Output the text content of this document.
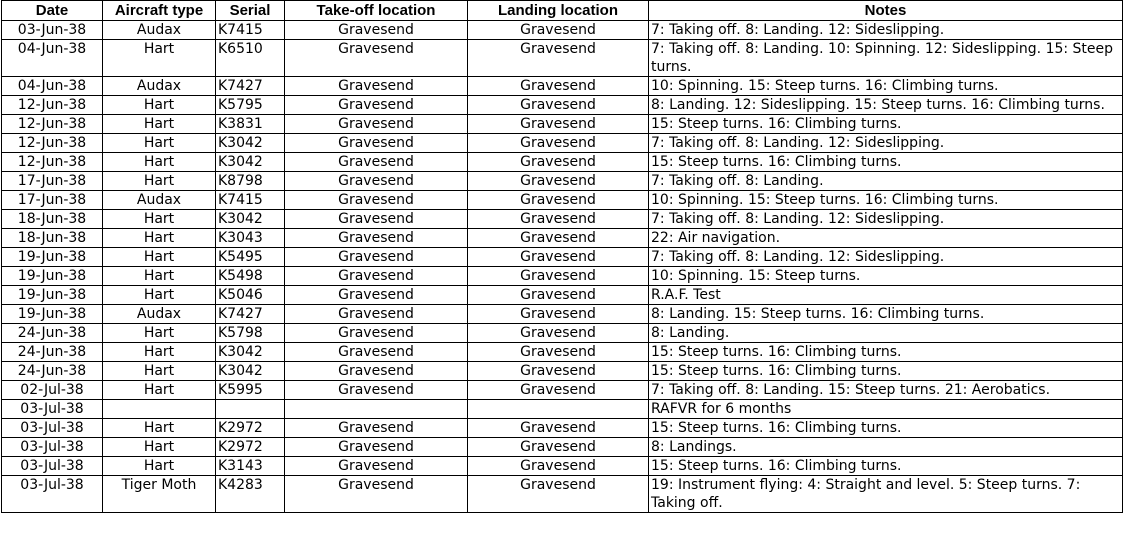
Date	Aircraft type	Serial	Take-off location	Landing location	Notes
03-Jun-38	Audax	K7415	Gravesend	Gravesend	7: Taking off. 8: Landing. 12: Sideslipping.
04-Jun-38	Hart	K6510	Gravesend	Gravesend	7: Taking off. 8: Landing. 10: Spinning. 12: Sideslipping. 15: Steep turns.
04-Jun-38	Audax	K7427	Gravesend	Gravesend	10: Spinning. 15: Steep turns. 16: Climbing turns.
12-Jun-38	Hart	K5795	Gravesend	Gravesend	8: Landing. 12: Sideslipping. 15: Steep turns. 16: Climbing turns.
12-Jun-38	Hart	K3831	Gravesend	Gravesend	15: Steep turns. 16: Climbing turns.
12-Jun-38	Hart	K3042	Gravesend	Gravesend	7: Taking off. 8: Landing. 12: Sideslipping.
12-Jun-38	Hart	K3042	Gravesend	Gravesend	15: Steep turns. 16: Climbing turns.
17-Jun-38	Hart	K8798	Gravesend	Gravesend	7: Taking off. 8: Landing.
17-Jun-38	Audax	K7415	Gravesend	Gravesend	10: Spinning. 15: Steep turns. 16: Climbing turns.
18-Jun-38	Hart	K3042	Gravesend	Gravesend	7: Taking off. 8: Landing. 12: Sideslipping.
18-Jun-38	Hart	K3043	Gravesend	Gravesend	22: Air navigation.
19-Jun-38	Hart	K5495	Gravesend	Gravesend	7: Taking off. 8: Landing. 12: Sideslipping.
19-Jun-38	Hart	K5498	Gravesend	Gravesend	10: Spinning. 15: Steep turns.
19-Jun-38	Hart	K5046	Gravesend	Gravesend	R.A.F. Test
19-Jun-38	Audax	K7427	Gravesend	Gravesend	8: Landing. 15: Steep turns. 16: Climbing turns.
24-Jun-38	Hart	K5798	Gravesend	Gravesend	8: Landing.
24-Jun-38	Hart	K3042	Gravesend	Gravesend	15: Steep turns. 16: Climbing turns.
24-Jun-38	Hart	K3042	Gravesend	Gravesend	15: Steep turns. 16: Climbing turns.
02-Jul-38	Hart	K5995	Gravesend	Gravesend	7: Taking off. 8: Landing. 15: Steep turns. 21: Aerobatics.
03-Jul-38					RAFVR for 6 months
03-Jul-38	Hart	K2972	Gravesend	Gravesend	15: Steep turns. 16: Climbing turns.
03-Jul-38	Hart	K2972	Gravesend	Gravesend	8: Landings.
03-Jul-38	Hart	K3143	Gravesend	Gravesend	15: Steep turns. 16: Climbing turns.
03-Jul-38	Tiger Moth	K4283	Gravesend	Gravesend	19: Instrument flying: 4: Straight and level. 5: Steep turns. 7: Taking off.
